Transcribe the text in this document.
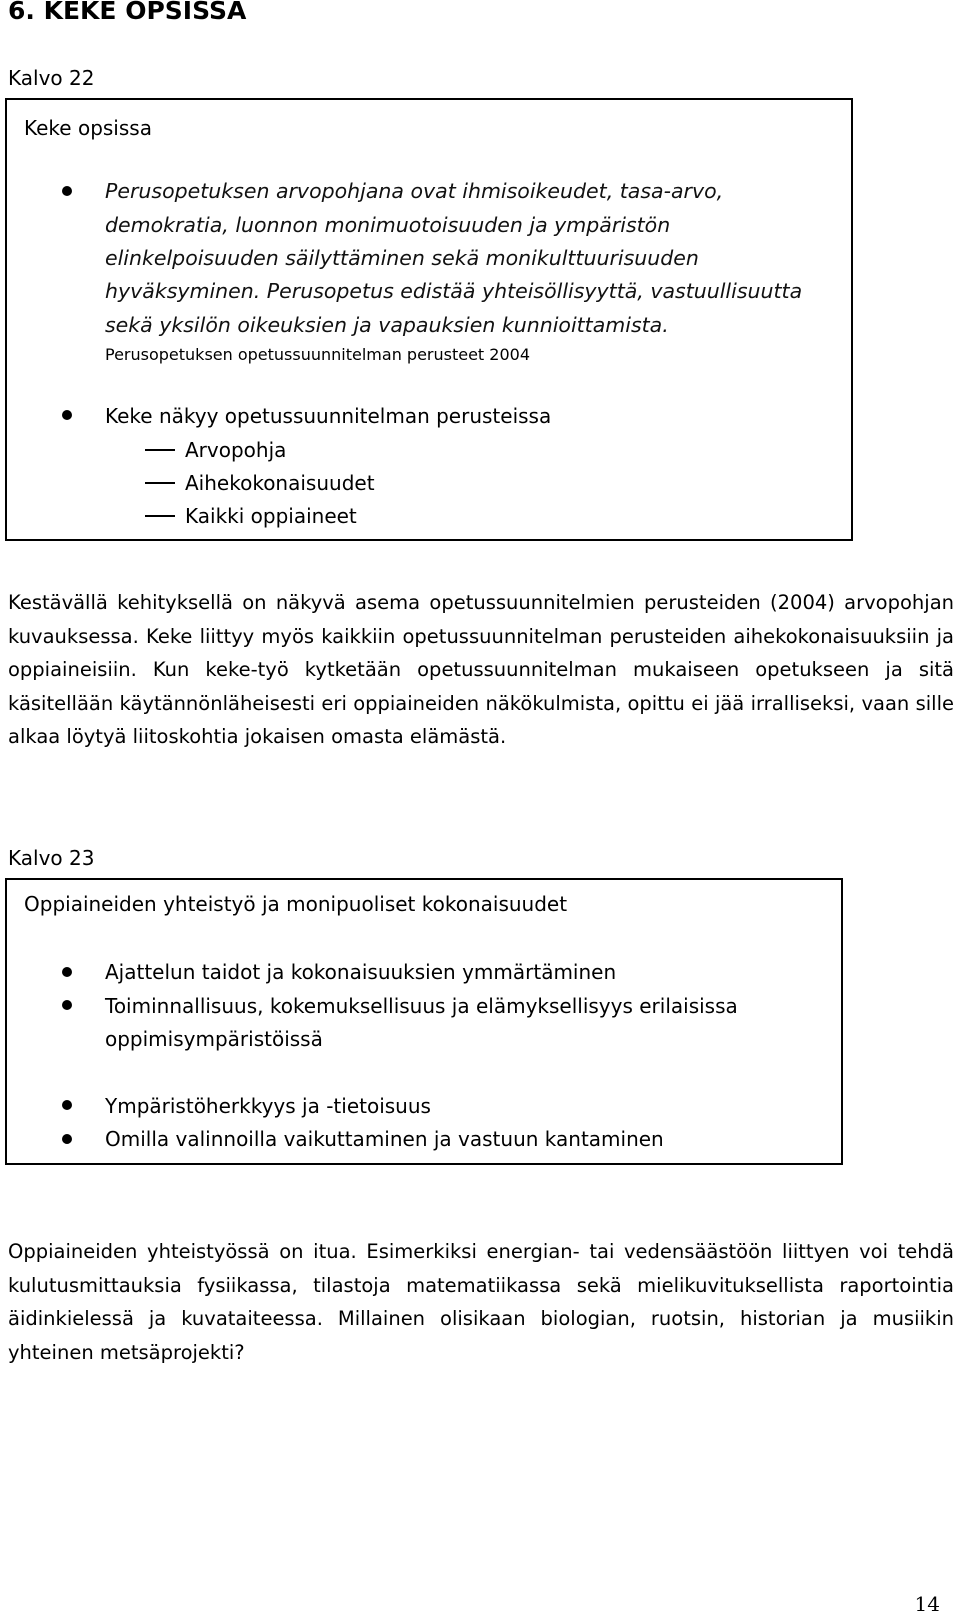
6. KEKE OPSISSA
Kalvo 22
Keke opsissa
Perusopetuksen arvopohjana ovat ihmisoikeudet, tasa-arvo,
demokratia, luonnon monimuotoisuuden ja ympäristön
elinkelpoisuuden säilyttäminen sekä monikulttuurisuuden
hyväksyminen. Perusopetus edistää yhteisöllisyyttä, vastuullisuutta
sekä yksilön oikeuksien ja vapauksien kunnioittamista.
Perusopetuksen opetussuunnitelman perusteet 2004
Keke näkyy opetussuunnitelman perusteissa
Arvopohja
Aihekokonaisuudet
Kaikki oppiaineet
Kestävällä kehityksellä on näkyvä asema opetussuunnitelmien perusteiden (2004) arvopohjan kuvauksessa. Keke liittyy myös kaikkiin opetussuunnitelman perusteiden aihekokonaisuuksiin ja oppiaineisiin. Kun keke-työ kytketään opetussuunnitelman mukaiseen opetukseen ja sitä käsitellään käytännönläheisesti eri oppiaineiden näkökulmista, opittu ei jää irralliseksi, vaan sille alkaa löytyä liitoskohtia jokaisen omasta elämästä.
Kalvo 23
Oppiaineiden yhteistyö ja monipuoliset kokonaisuudet
Ajattelun taidot ja kokonaisuuksien ymmärtäminen
Toiminnallisuus, kokemuksellisuus ja elämyksellisyys erilaisissa
oppimisympäristöissä
Ympäristöherkkyys ja -tietoisuus
Omilla valinnoilla vaikuttaminen ja vastuun kantaminen
Oppiaineiden yhteistyössä on itua. Esimerkiksi energian- tai vedensäästöön liittyen voi tehdä kulutusmittauksia fysiikassa, tilastoja matematiikassa sekä mielikuvituksellista raportointia äidinkielessä ja kuvataiteessa. Millainen olisikaan biologian, ruotsin, historian ja musiikin yhteinen metsäprojekti?
14
